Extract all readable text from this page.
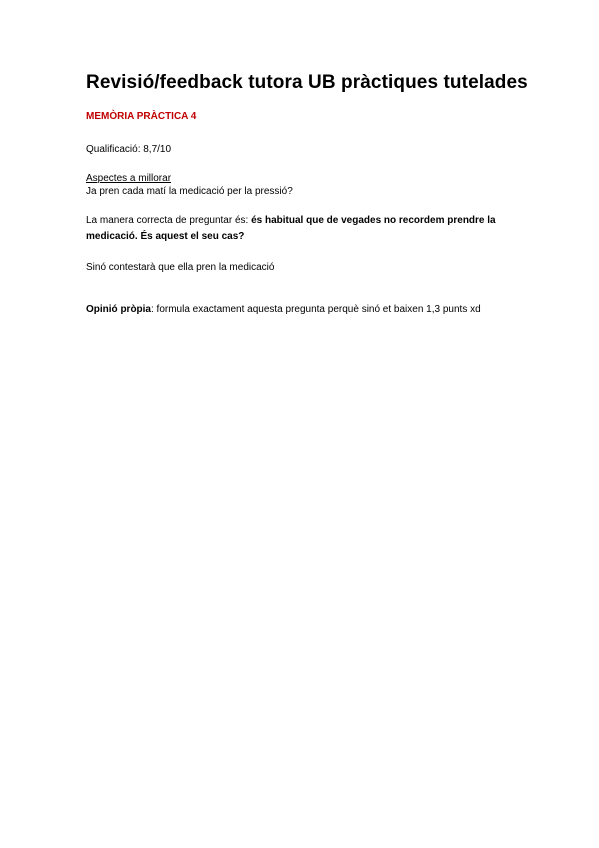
Revisió/feedback tutora UB pràctiques tutelades
MEMÒRIA PRÀCTICA 4
Qualificació: 8,7/10
Aspectes a millorar
Ja pren cada matí la medicació per la pressió?
La manera correcta de preguntar és: és habitual que de vegades no recordem prendre la medicació. És aquest el seu cas?
Sinó contestarà que ella pren la medicació
Opinió pròpia: formula exactament aquesta pregunta perquè sinó et baixen 1,3 punts xd
